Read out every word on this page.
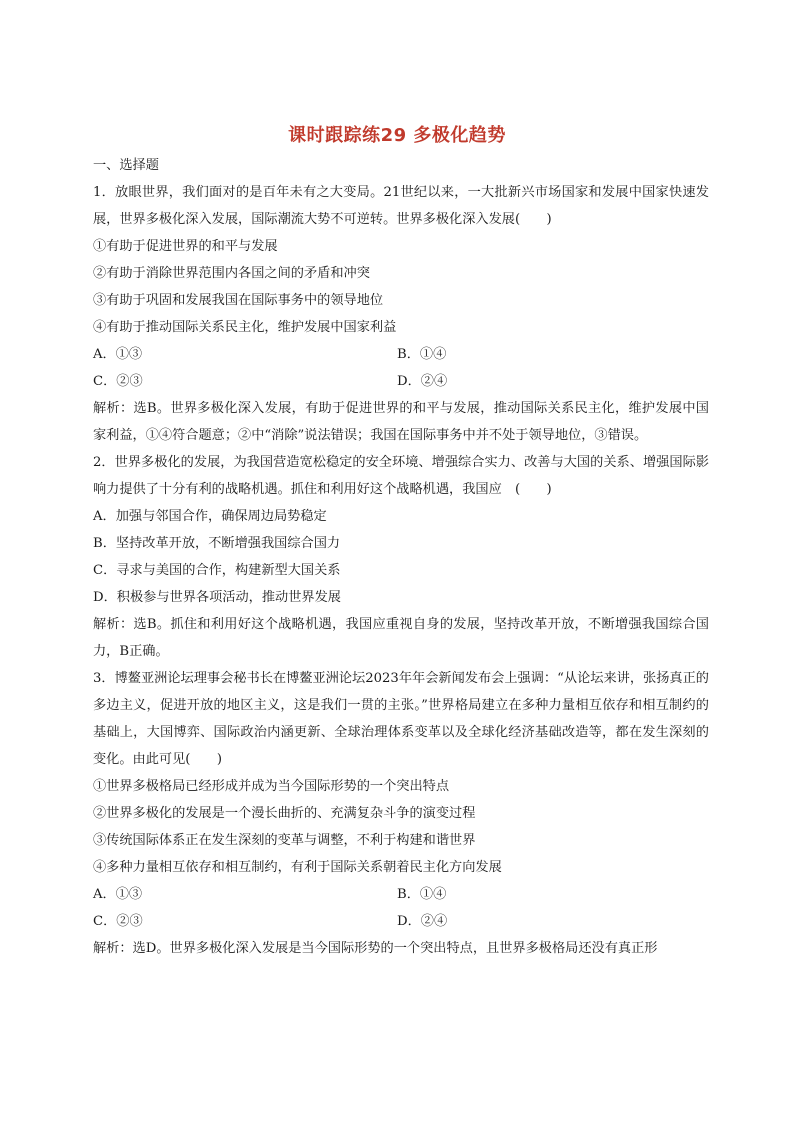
课时跟踪练29 多极化趋势
一、选择题
1．放眼世界，我们面对的是百年未有之大变局。21世纪以来，一大批新兴市场国家和发展中国家快速发展，世界多极化深入发展，国际潮流大势不可逆转。世界多极化深入发展(　　)
①有助于促进世界的和平与发展
②有助于消除世界范围内各国之间的矛盾和冲突
③有助于巩固和发展我国在国际事务中的领导地位
④有助于推动国际关系民主化，维护发展中国家利益
A．①③	B．①④
C．②③	D．②④
解析：选B。世界多极化深入发展，有助于促进世界的和平与发展，推动国际关系民主化，维护发展中国家利益，①④符合题意；②中“消除”说法错误；我国在国际事务中并不处于领导地位，③错误。
2．世界多极化的发展，为我国营造宽松稳定的安全环境、增强综合实力、改善与大国的关系、增强国际影响力提供了十分有利的战略机遇。抓住和利用好这个战略机遇，我国应　(　　)
A．加强与邻国合作，确保周边局势稳定
B．坚持改革开放，不断增强我国综合国力
C．寻求与美国的合作，构建新型大国关系
D．积极参与世界各项活动，推动世界发展
解析：选B。抓住和利用好这个战略机遇，我国应重视自身的发展，坚持改革开放，不断增强我国综合国力，B正确。
3．博鳌亚洲论坛理事会秘书长在博鳌亚洲论坛2023年年会新闻发布会上强调：“从论坛来讲，张扬真正的多边主义，促进开放的地区主义，这是我们一贯的主张。”世界格局建立在多种力量相互依存和相互制约的基础上，大国博弈、国际政治内涵更新、全球治理体系变革以及全球化经济基础改造等，都在发生深刻的变化。由此可见(　　)
①世界多极格局已经形成并成为当今国际形势的一个突出特点
②世界多极化的发展是一个漫长曲折的、充满复杂斗争的演变过程
③传统国际体系正在发生深刻的变革与调整，不利于构建和谐世界
④多种力量相互依存和相互制约，有利于国际关系朝着民主化方向发展
A．①③	B．①④
C．②③	D．②④
解析：选D。世界多极化深入发展是当今国际形势的一个突出特点，且世界多极格局还没有真正形
